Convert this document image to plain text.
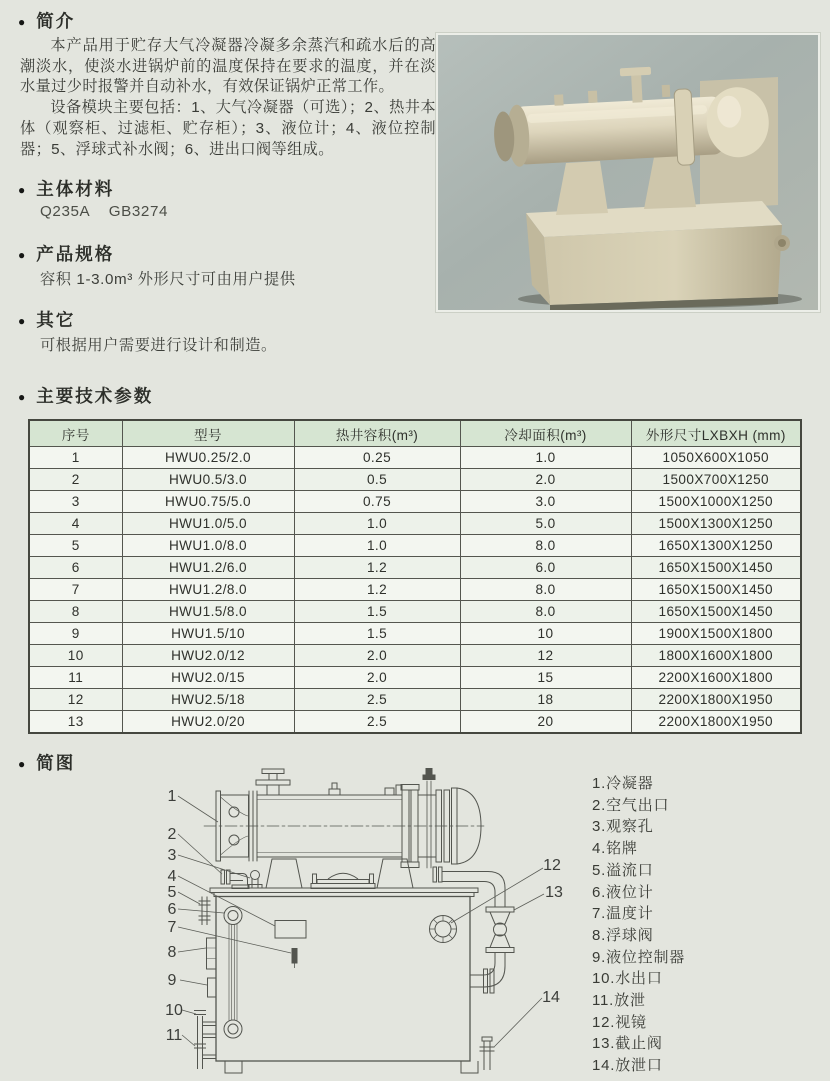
● 简介

本产品用于贮存大气冷凝器冷凝多余蒸汽和疏水后的高潮淡水，使淡水进锅炉前的温度保持在要求的温度，并在淡水量过少时报警并自动补水，有效保证锅炉正常工作。

设备模块主要包括：1、大气冷凝器（可选）；2、热井本体（观察柜、过滤柜、贮存柜）；3、液位计；4、液位控制器；5、浮球式补水阀；6、进出口阀等组成。

● 主体材料
Q235A    GB3274
● 产品规格
容积 1-3.0m³ 外形尺寸可由用户提供
● 其它
可根据用户需要进行设计和制造。
● 主要技术参数
序号	型号	热井容积(m³)	冷却面积(m³)	外形尺寸LXBXH (mm)
1	HWU0.25/2.0	0.25	1.0	1050X600X1050
2	HWU0.5/3.0	0.5	2.0	1500X700X1250
3	HWU0.75/5.0	0.75	3.0	1500X1000X1250
4	HWU1.0/5.0	1.0	5.0	1500X1300X1250
5	HWU1.0/8.0	1.0	8.0	1650X1300X1250
6	HWU1.2/6.0	1.2	6.0	1650X1500X1450
7	HWU1.2/8.0	1.2	8.0	1650X1500X1450
8	HWU1.5/8.0	1.5	8.0	1650X1500X1450
9	HWU1.5/10	1.5	10	1900X1500X1800
10	HWU2.0/12	2.0	12	1800X1600X1800
11	HWU2.0/15	2.0	15	2200X1600X1800
12	HWU2.5/18	2.5	18	2200X1800X1950
13	HWU2.0/20	2.5	20	2200X1800X1950
● 简图
1
2
3
4
5
6
7
8
9
10
11
12
13
14
1.冷凝器
2.空气出口
3.观察孔
4.铭牌
5.溢流口
6.液位计
7.温度计
8.浮球阀
9.液位控制器
10.水出口
11.放泄
12.视镜
13.截止阀
14.放泄口
